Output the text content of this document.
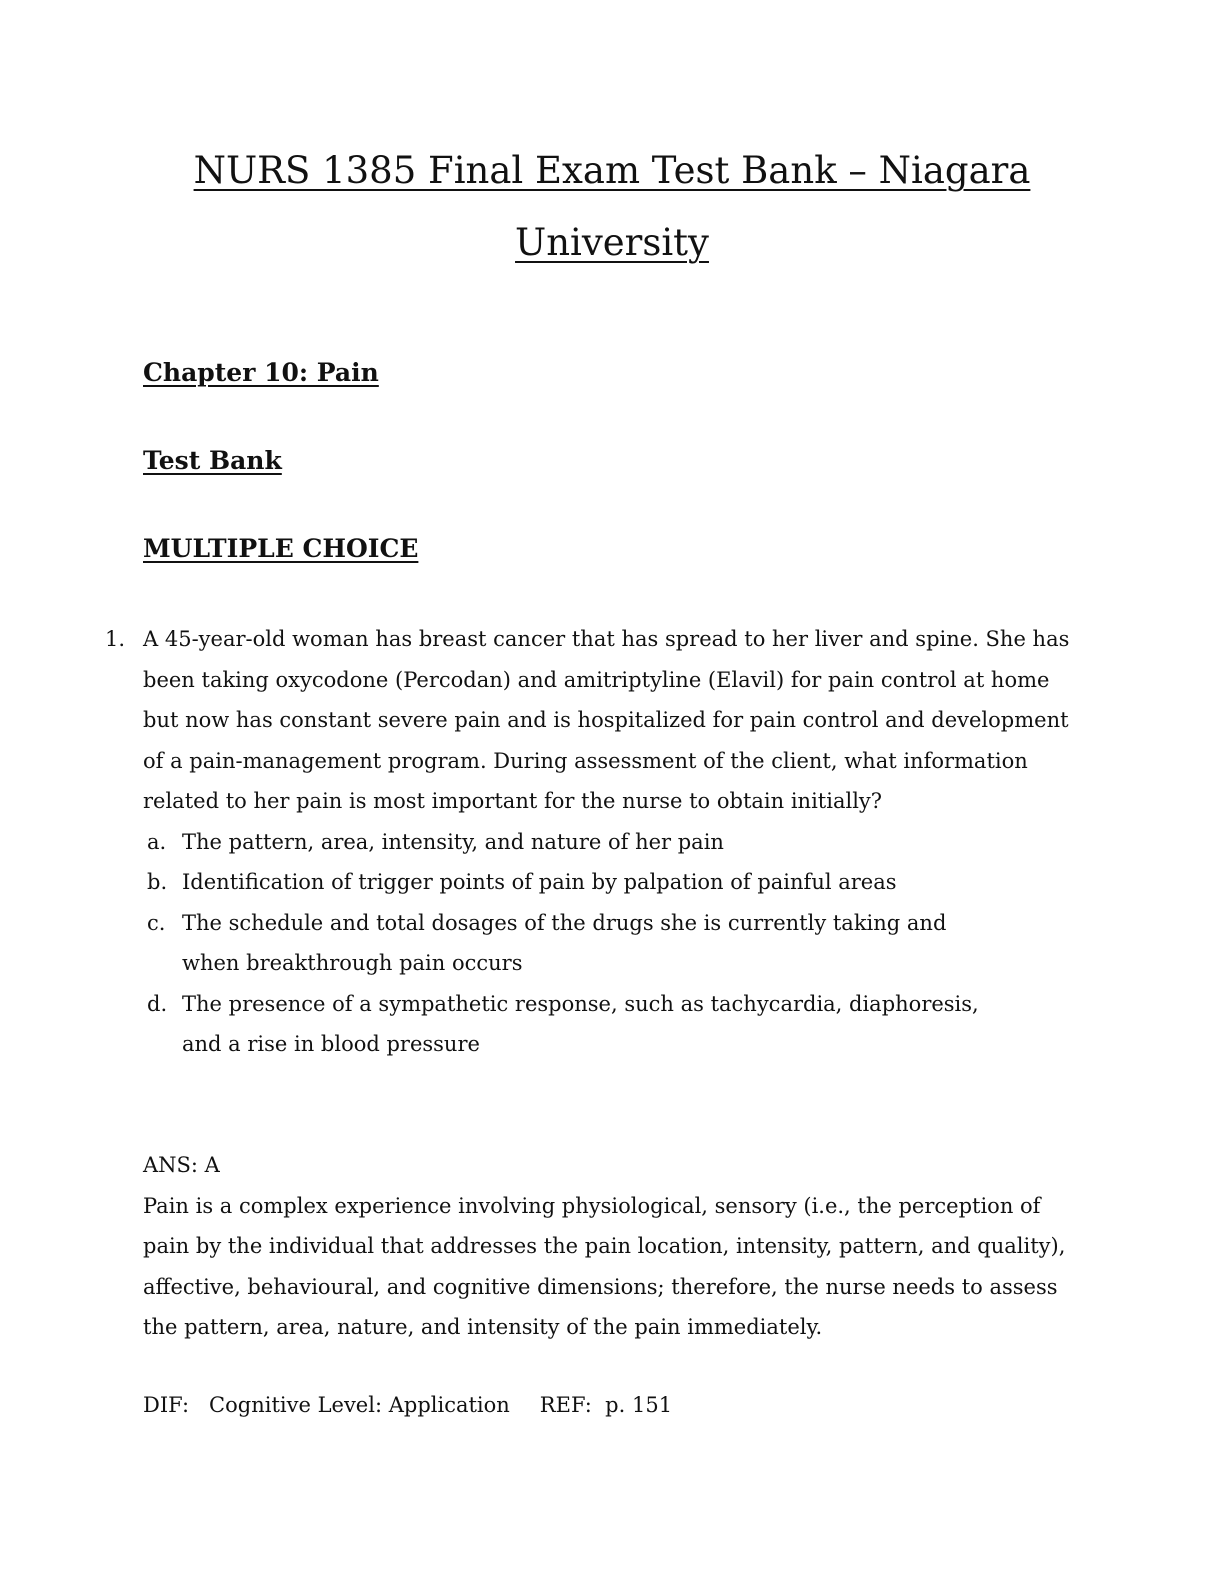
NURS 1385 Final Exam Test Bank – Niagara
University
Chapter 10: Pain
Test Bank
MULTIPLE CHOICE
1. A 45-year-old woman has breast cancer that has spread to her liver and spine. She has
been taking oxycodone (Percodan) and amitriptyline (Elavil) for pain control at home
but now has constant severe pain and is hospitalized for pain control and development
of a pain-management program. During assessment of the client, what information
related to her pain is most important for the nurse to obtain initially?
a. The pattern, area, intensity, and nature of her pain
b. Identification of trigger points of pain by palpation of painful areas
c. The schedule and total dosages of the drugs she is currently taking and
when breakthrough pain occurs
d. The presence of a sympathetic response, such as tachycardia, diaphoresis,
and a rise in blood pressure
ANS: A
Pain is a complex experience involving physiological, sensory (i.e., the perception of
pain by the individual that addresses the pain location, intensity, pattern, and quality),
affective, behavioural, and cognitive dimensions; therefore, the nurse needs to assess
the pattern, area, nature, and intensity of the pain immediately.
DIF:   Cognitive Level: Application REF:  p. 151
